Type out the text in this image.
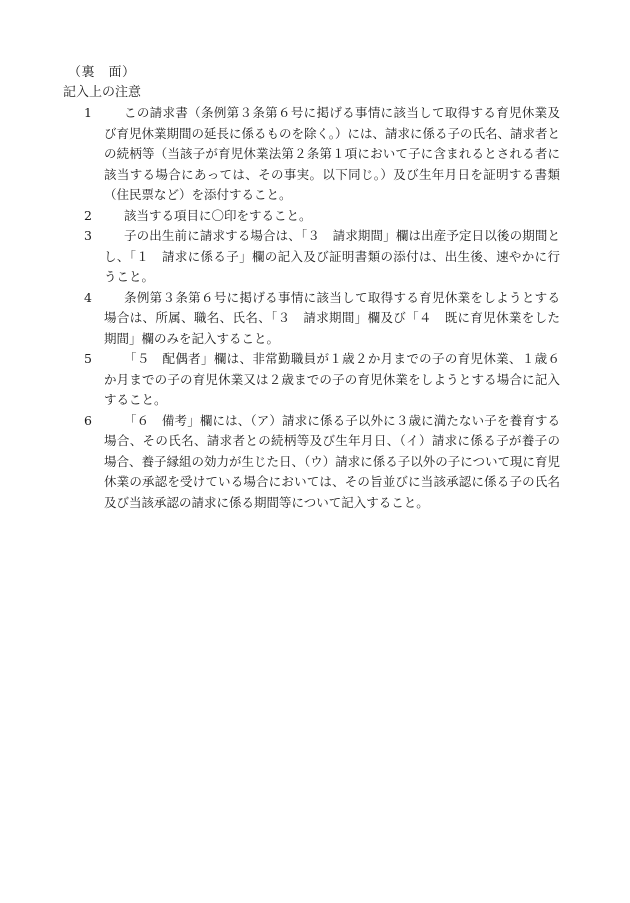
（裏　面）
記入上の注意
1	この請求書（条例第３条第６号に掲げる事情に該当して取得する育児休業及び育児休業期間の延長に係るものを除く。）には、請求に係る子の氏名、請求者との続柄等（当該子が育児休業法第２条第１項において子に含まれるとされる者に該当する場合にあっては、その事実。以下同じ。）及び生年月日を証明する書類（住民票など）を添付すること。
2	該当する項目に〇印をすること。
3	子の出生前に請求する場合は、「３　請求期間」欄は出産予定日以後の期間とし、「１　請求に係る子」欄の記入及び証明書類の添付は、出生後、速やかに行うこと。
4	条例第３条第６号に掲げる事情に該当して取得する育児休業をしようとする場合は、所属、職名、氏名、「３　請求期間」欄及び「４　既に育児休業をした期間」欄のみを記入すること。
5	「５　配偶者」欄は、非常勤職員が１歳２か月までの子の育児休業、１歳６か月までの子の育児休業又は２歳までの子の育児休業をしようとする場合に記入すること。
6	「６　備考」欄には、（ア）請求に係る子以外に３歳に満たない子を養育する場合、その氏名、請求者との続柄等及び生年月日、（イ）請求に係る子が養子の場合、養子縁組の効力が生じた日、（ウ）請求に係る子以外の子について現に育児休業の承認を受けている場合においては、その旨並びに当該承認に係る子の氏名及び当該承認の請求に係る期間等について記入すること。
